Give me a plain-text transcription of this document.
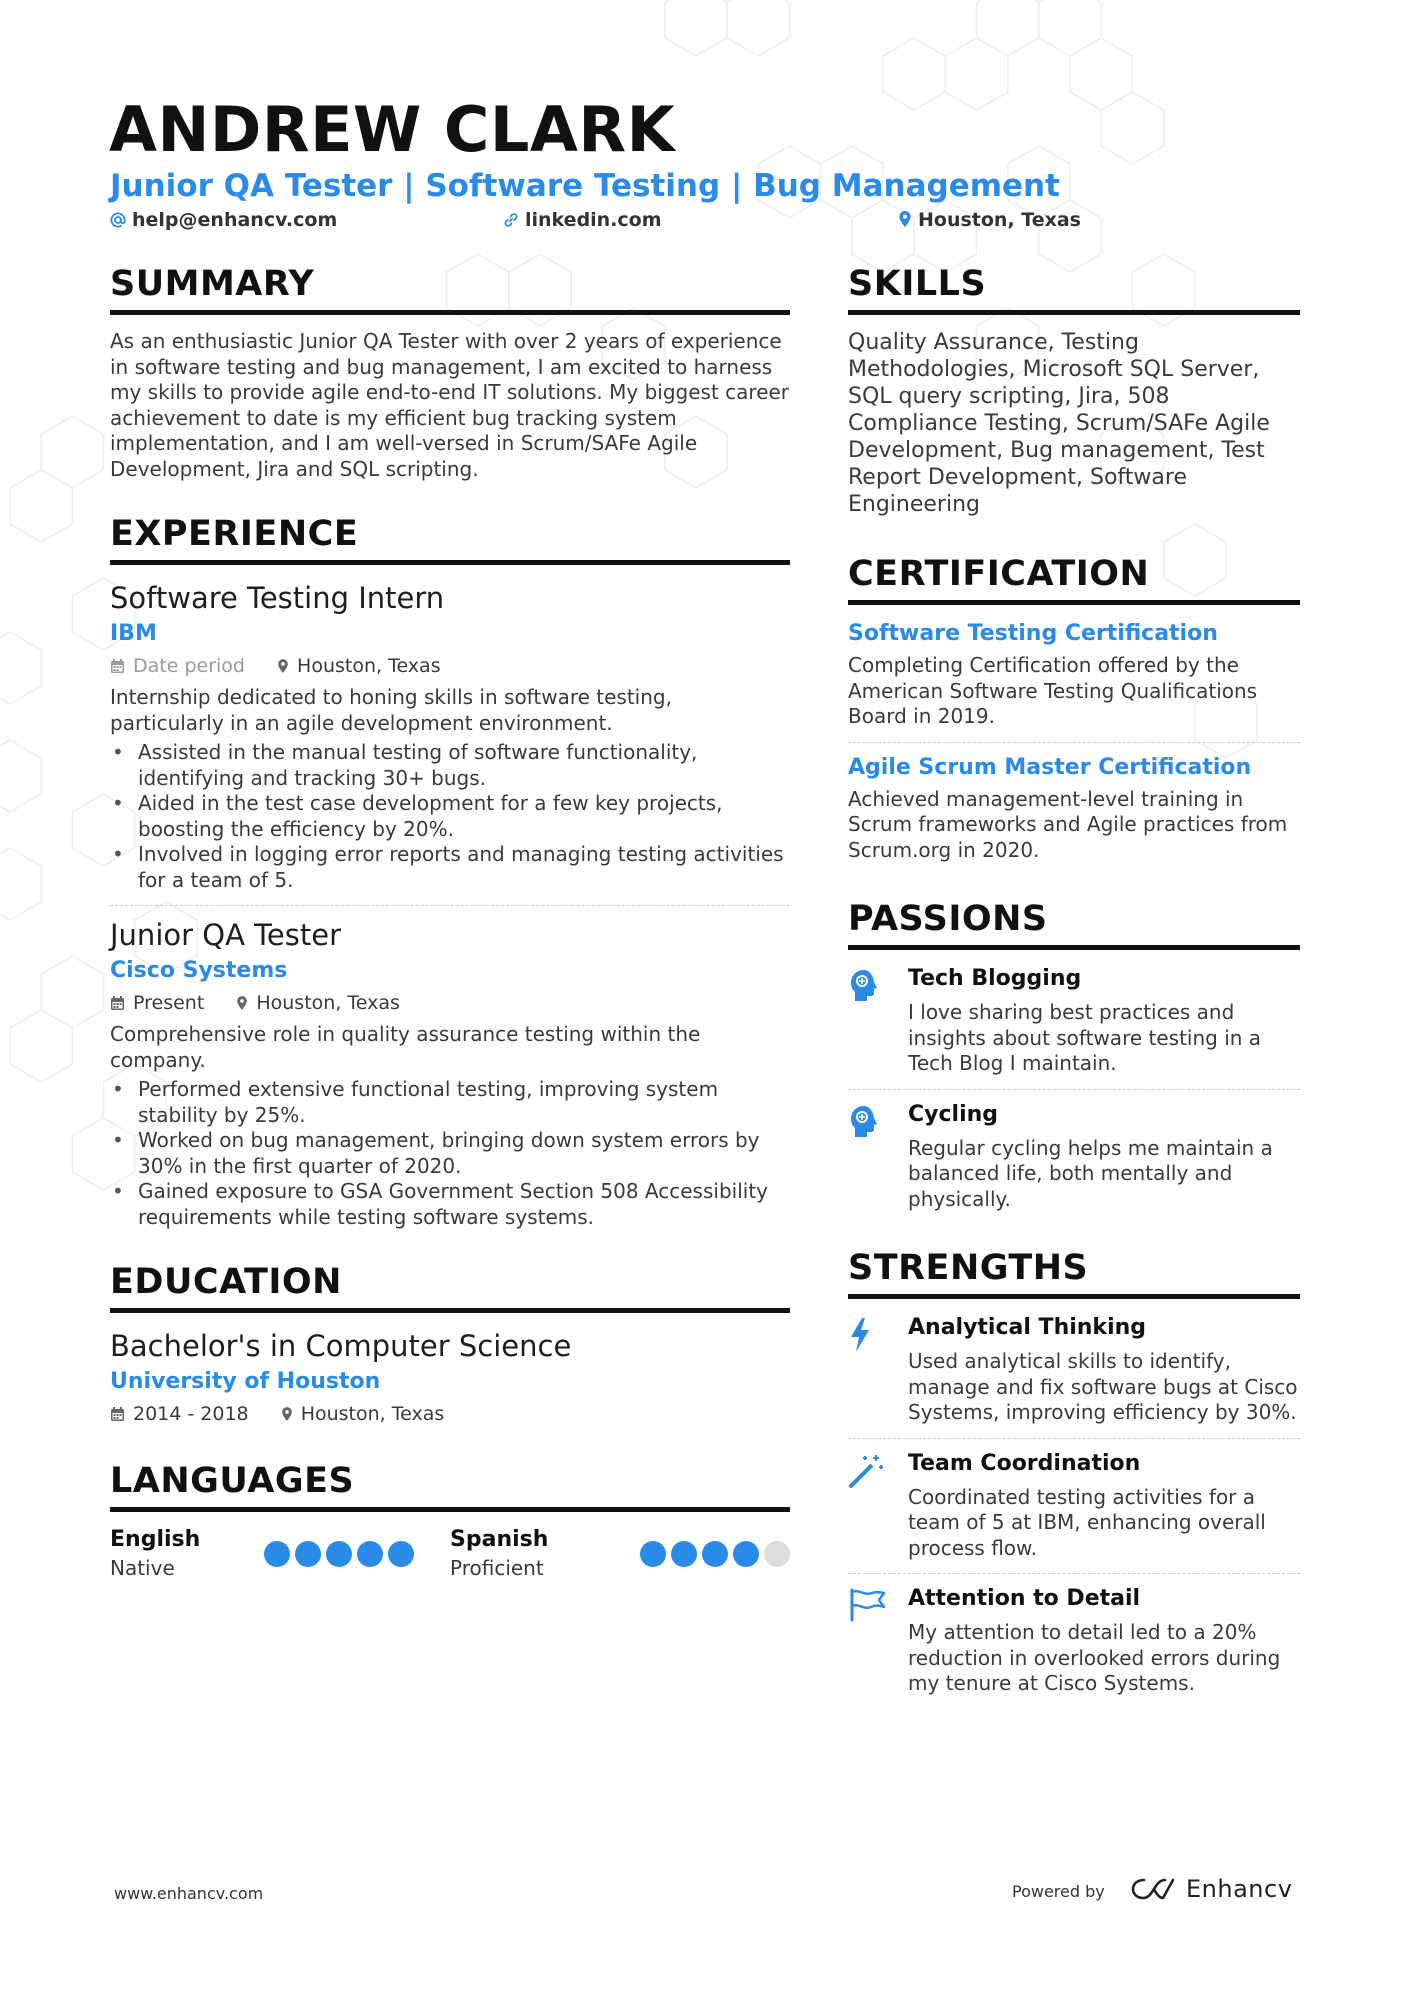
ANDREW CLARK
Junior QA Tester | Software Testing | Bug Management
help@enhancv.com	linkedin.com	Houston, Texas
SUMMARY

As an enthusiastic Junior QA Tester with over 2 years of experience in software testing and bug management, I am excited to harness my skills to provide agile end-to-end IT solutions. My biggest career achievement to date is my efficient bug tracking system implementation, and I am well-versed in Scrum/SAFe Agile Development, Jira and SQL scripting.

EXPERIENCE
Software Testing Intern
IBM
Date period	Houston, Texas

Internship dedicated to honing skills in software testing, particularly in an agile development environment.

• Assisted in the manual testing of software functionality, identifying and tracking 30+ bugs.
• Aided in the test case development for a few key projects, boosting the efficiency by 20%.
• Involved in logging error reports and managing testing activities for a team of 5.
Junior QA Tester
Cisco Systems
Present	Houston, Texas

Comprehensive role in quality assurance testing within the company.

• Performed extensive functional testing, improving system stability by 25%.
• Worked on bug management, bringing down system errors by 30% in the first quarter of 2020.
• Gained exposure to GSA Government Section 508 Accessibility requirements while testing software systems.
EDUCATION
Bachelor's in Computer Science
University of Houston
2014 - 2018	Houston, Texas
LANGUAGES
English
Native
Spanish
Proficient
SKILLS

Quality Assurance, Testing Methodologies, Microsoft SQL Server, SQL query scripting, Jira, 508 Compliance Testing, Scrum/SAFe Agile Development, Bug management, Test Report Development, Software Engineering

CERTIFICATION
Software Testing Certification
Completing Certification offered by the American Software Testing Qualifications Board in 2019.
Agile Scrum Master Certification
Achieved management-level training in Scrum frameworks and Agile practices from Scrum.org in 2020.
PASSIONS
Tech Blogging
I love sharing best practices and insights about software testing in a Tech Blog I maintain.
Cycling
Regular cycling helps me maintain a balanced life, both mentally and physically.
STRENGTHS
Analytical Thinking
Used analytical skills to identify, manage and fix software bugs at Cisco Systems, improving efficiency by 30%.
Team Coordination
Coordinated testing activities for a team of 5 at IBM, enhancing overall process flow.
Attention to Detail
My attention to detail led to a 20% reduction in overlooked errors during my tenure at Cisco Systems.
www.enhancv.com	Powered by	Enhancv
